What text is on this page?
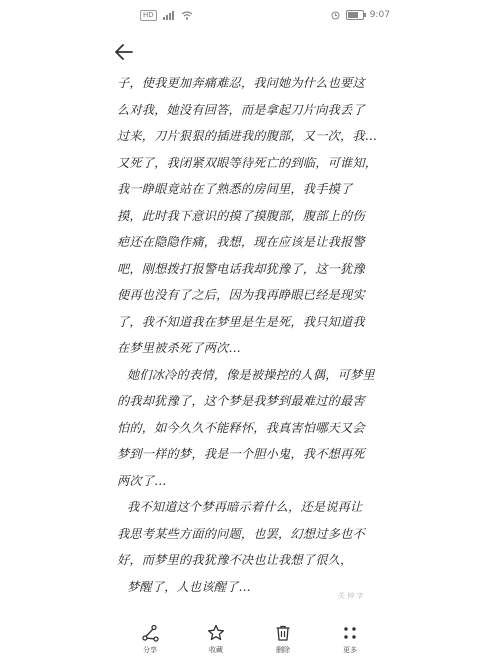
HD	9:07
子，使我更加奔痛难忍，我问她为什么也要这
么对我，她没有回答，而是拿起刀片向我丢了
过来，刀片狠狠的插进我的腹部，又一次，我…
又死了，我闭紧双眼等待死亡的到临，可谁知，
我一睁眼竟站在了熟悉的房间里，我手摸了
摸，此时我下意识的摸了摸腹部，腹部上的伤
疤还在隐隐作痛，我想，现在应该是让我报警
吧，刚想拨打报警电话我却犹豫了，这一犹豫
便再也没有了之后，因为我再睁眼已经是现实
了，我不知道我在梦里是生是死，我只知道我
在梦里被杀死了两次…
她们冰冷的表情，像是被操控的人偶，可梦里
的我却犹豫了，这个梦是我梦到最难过的最害
怕的，如今久久不能释怀，我真害怕哪天又会
梦到一样的梦，我是一个胆小鬼，我不想再死
两次了…
我不知道这个梦再暗示着什么，还是说再让
我思考某些方面的问题，也罢，幻想过多也不
好，而梦里的我犹豫不决也让我想了很久，
梦醒了，人也该醒了…
关 钟 字
分享	收藏	删除	更多
